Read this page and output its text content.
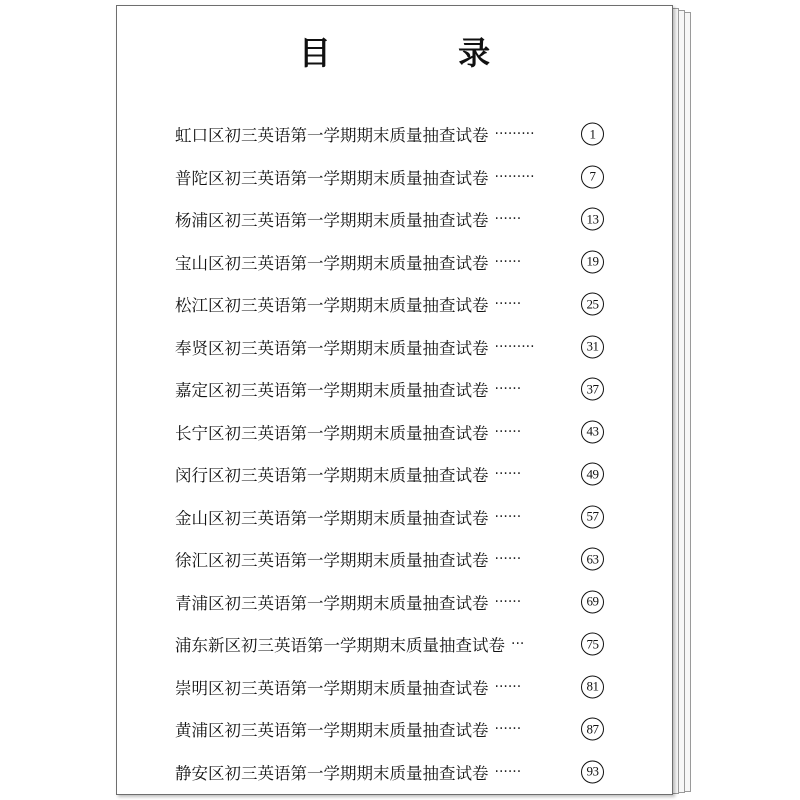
目 录
虹口区初三英语第一学期期末质量抽查试卷 ·········	1
普陀区初三英语第一学期期末质量抽查试卷 ·········	7
杨浦区初三英语第一学期期末质量抽查试卷 ······	13
宝山区初三英语第一学期期末质量抽查试卷 ······	19
松江区初三英语第一学期期末质量抽查试卷 ······	25
奉贤区初三英语第一学期期末质量抽查试卷 ·········	31
嘉定区初三英语第一学期期末质量抽查试卷 ······	37
长宁区初三英语第一学期期末质量抽查试卷 ······	43
闵行区初三英语第一学期期末质量抽查试卷 ······	49
金山区初三英语第一学期期末质量抽查试卷 ······	57
徐汇区初三英语第一学期期末质量抽查试卷 ······	63
青浦区初三英语第一学期期末质量抽查试卷 ······	69
浦东新区初三英语第一学期期末质量抽查试卷 ···	75
崇明区初三英语第一学期期末质量抽查试卷 ······	81
黄浦区初三英语第一学期期末质量抽查试卷 ······	87
静安区初三英语第一学期期末质量抽查试卷 ······	93
